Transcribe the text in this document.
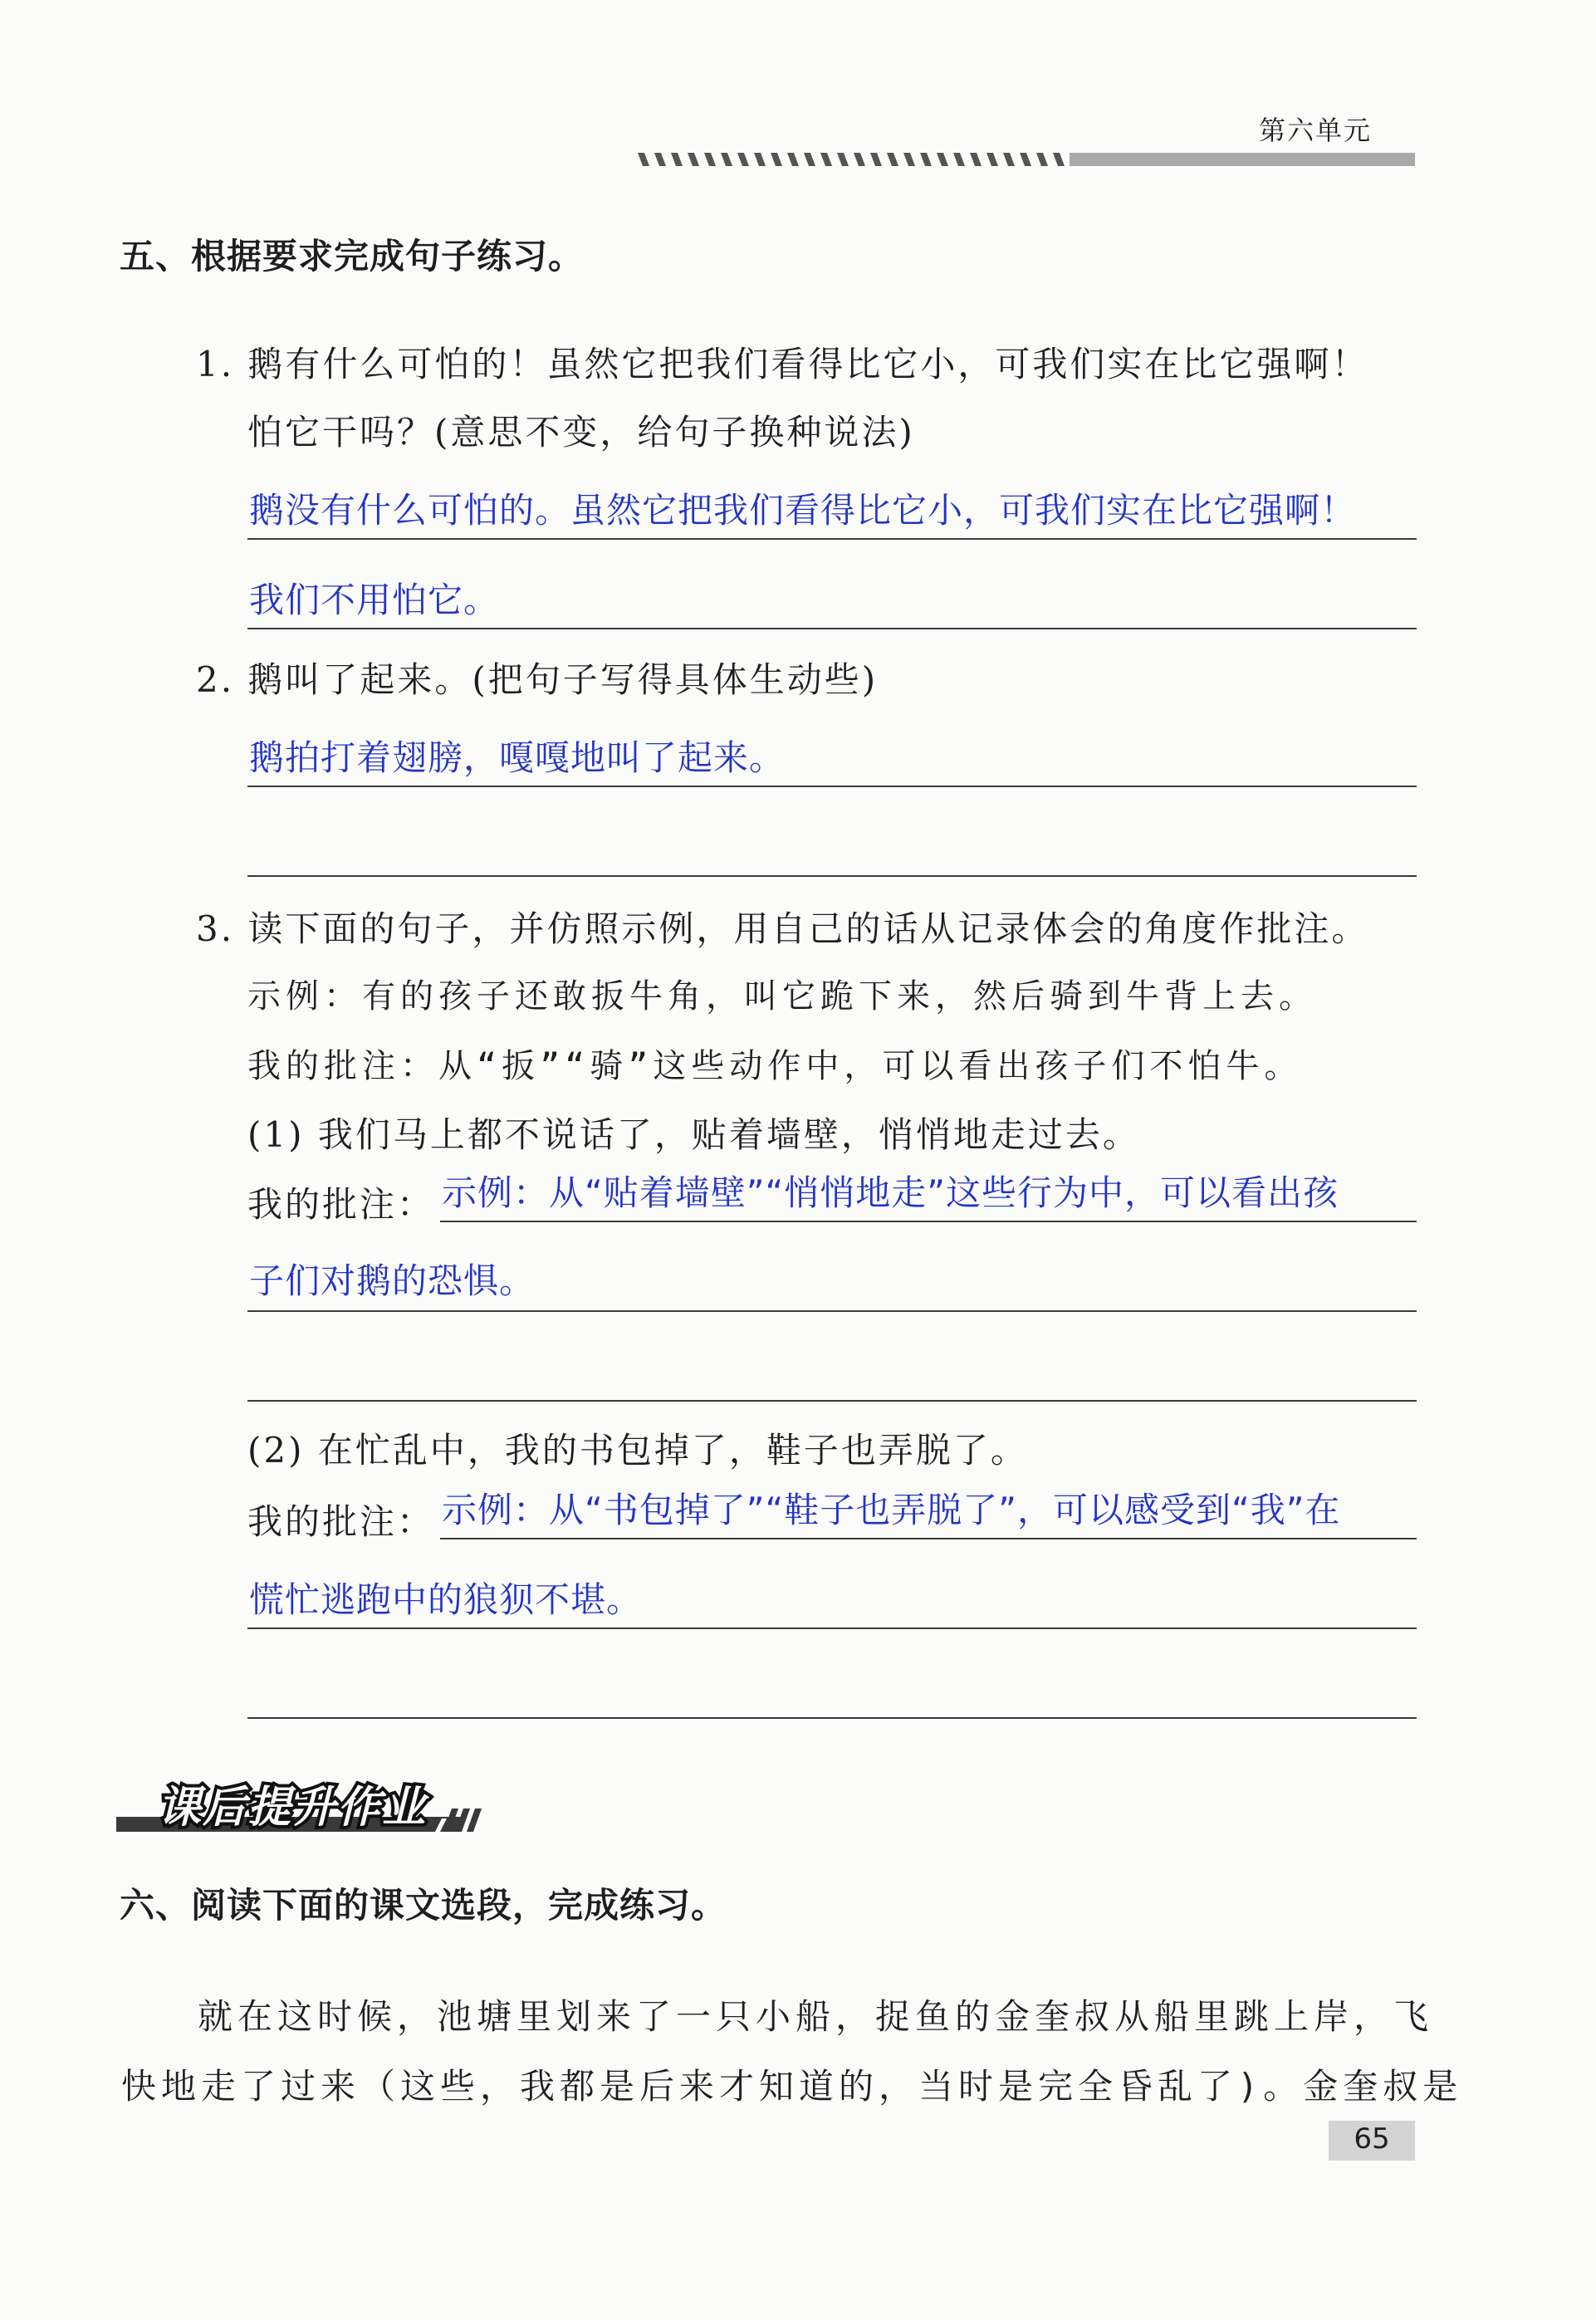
第六单元
五、根据要求完成句子练习。
1. 鹅有什么可怕的！虽然它把我们看得比它小，可我们实在比它强啊！
怕它干吗？(意思不变，给句子换种说法)
鹅没有什么可怕的。虽然它把我们看得比它小，可我们实在比它强啊！
我们不用怕它。
2. 鹅叫了起来。(把句子写得具体生动些)
鹅拍打着翅膀，嘎嘎地叫了起来。
3. 读下面的句子，并仿照示例，用自己的话从记录体会的角度作批注。
示例：有的孩子还敢扳牛角，叫它跪下来，然后骑到牛背上去。
我的批注：从“扳”“骑”这些动作中，可以看出孩子们不怕牛。
(1) 我们马上都不说话了，贴着墙壁，悄悄地走过去。
我的批注： 示例：从“贴着墙壁”“悄悄地走”这些行为中，可以看出孩
子们对鹅的恐惧。
(2) 在忙乱中，我的书包掉了，鞋子也弄脱了。
我的批注： 示例：从“书包掉了”“鞋子也弄脱了”，可以感受到“我”在
慌忙逃跑中的狼狈不堪。
课后提升作业
六、阅读下面的课文选段，完成练习。
就在这时候，池塘里划来了一只小船，捉鱼的金奎叔从船里跳上岸，飞
快地走了过来（这些，我都是后来才知道的，当时是完全昏乱了)。金奎叔是
65
